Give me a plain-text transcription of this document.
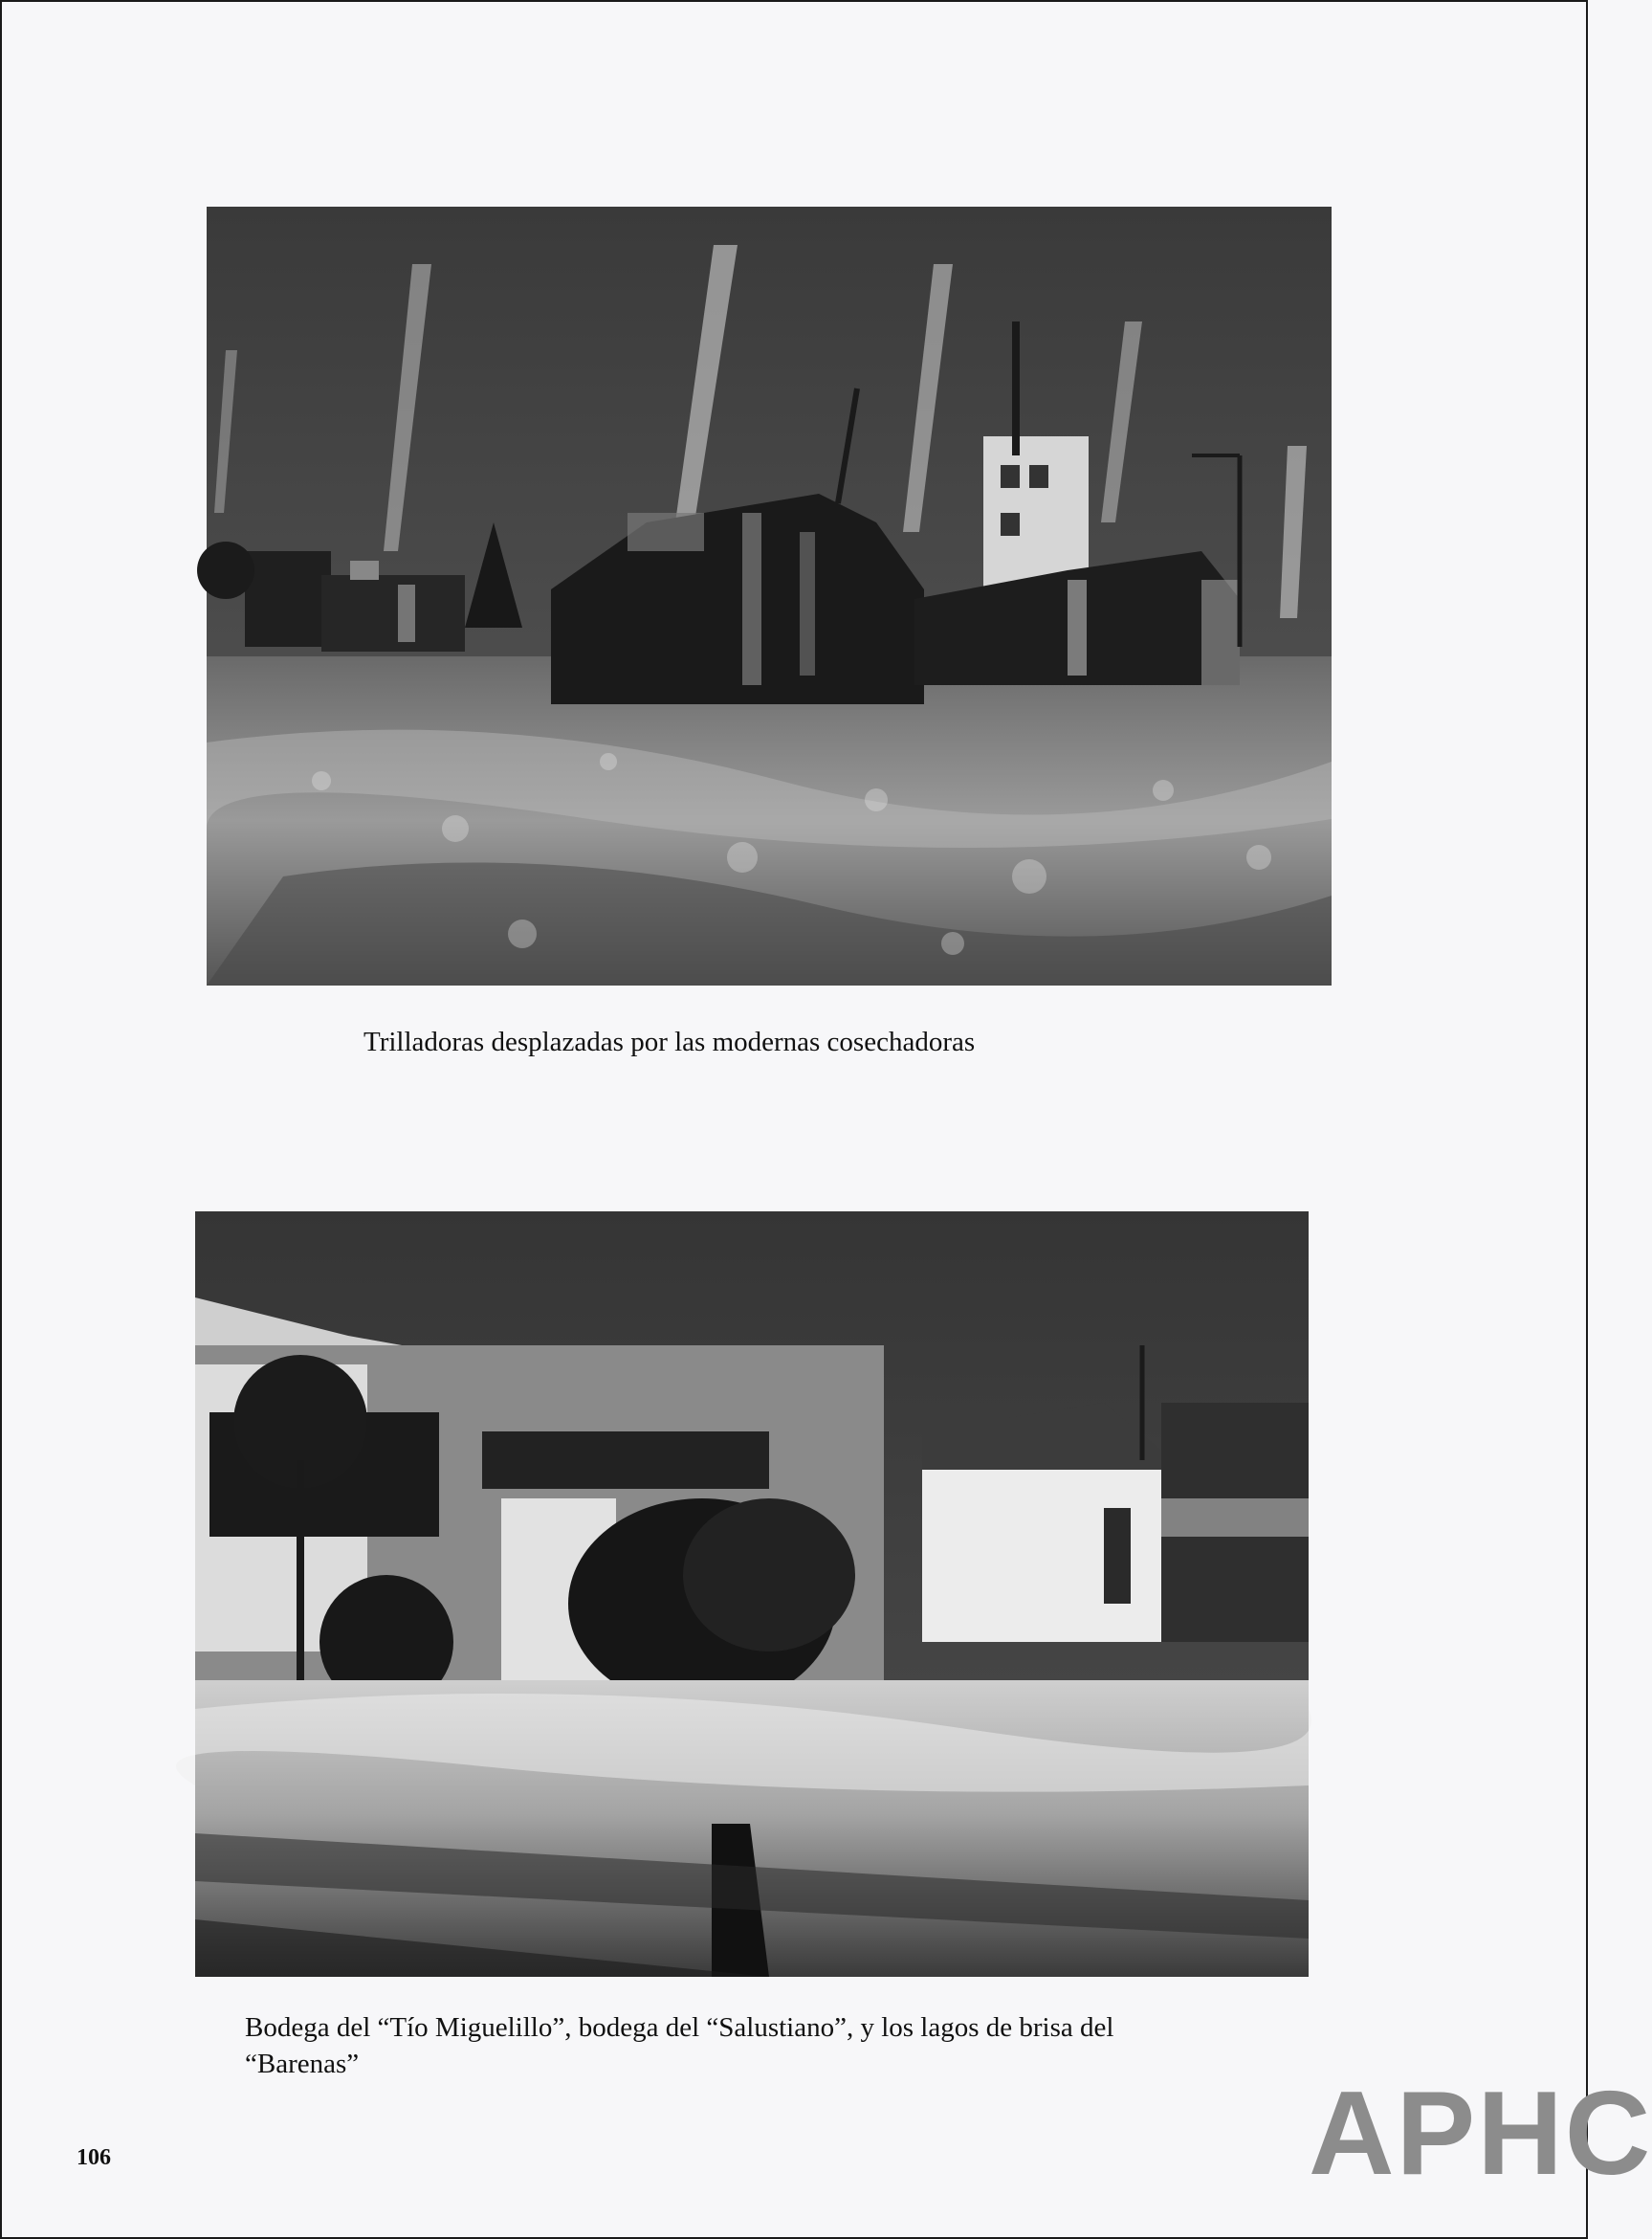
Trilladoras desplazadas por las modernas cosechadoras
Bodega del “Tío Miguelillo”, bodega del “Salustiano”, y los lagos de brisa del
“Barenas”
106	APHC
